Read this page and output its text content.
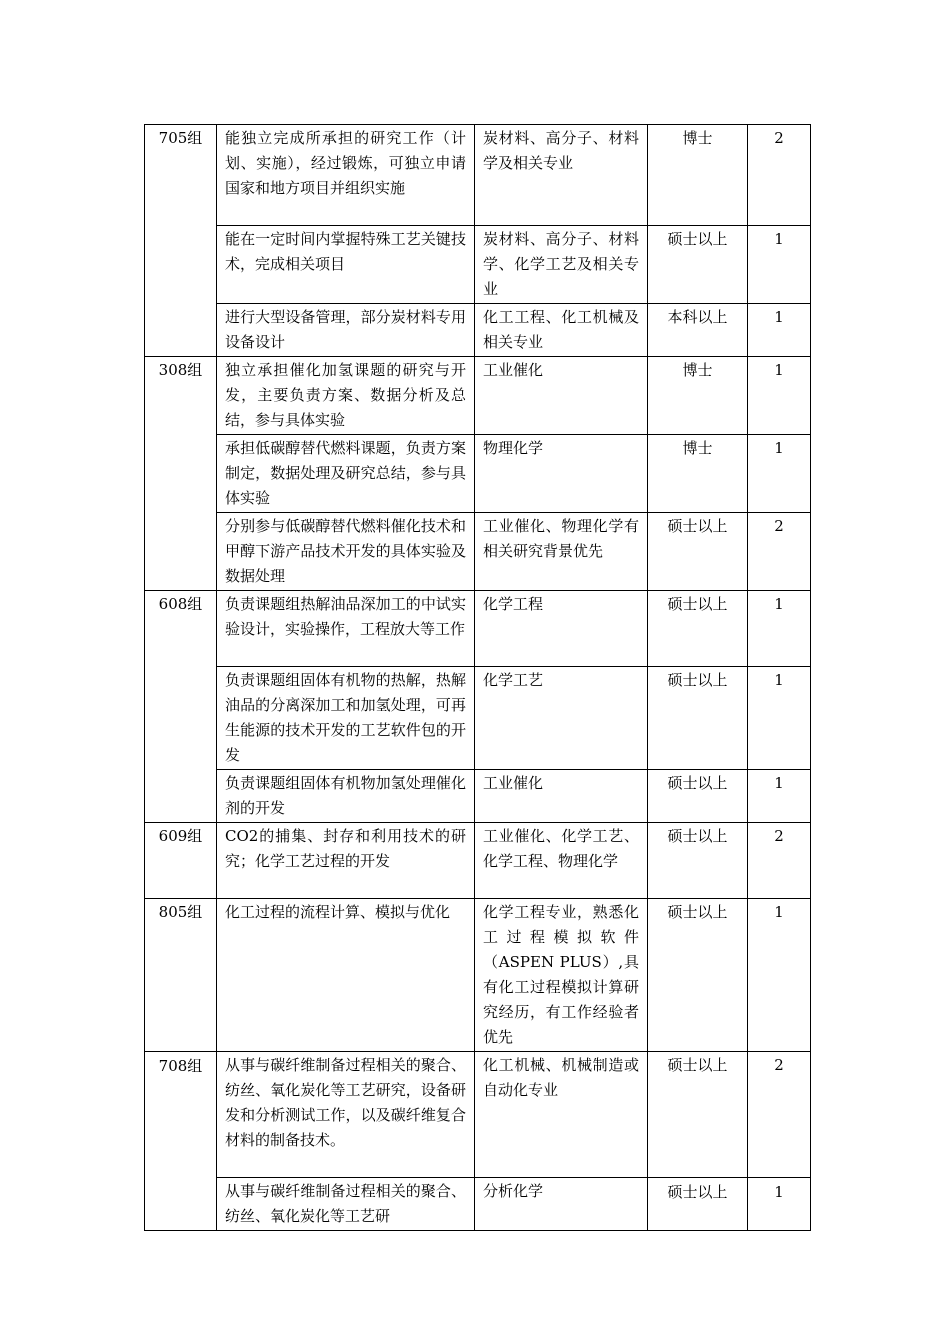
705组	能独立完成所承担的研究工作（计划、实施），经过锻炼，可独立申请国家和地方项目并组织实施	炭材料、高分子、材料学及相关专业	博士	2
	能在一定时间内掌握特殊工艺关键技术，完成相关项目	炭材料、高分子、材料学、化学工艺及相关专业	硕士以上	1
	进行大型设备管理，部分炭材料专用设备设计	化工工程、化工机械及相关专业	本科以上	1
308组	独立承担催化加氢课题的研究与开发，主要负责方案、数据分析及总结，参与具体实验	工业催化	博士	1
	承担低碳醇替代燃料课题，负责方案制定，数据处理及研究总结，参与具体实验	物理化学	博士	1
	分别参与低碳醇替代燃料催化技术和甲醇下游产品技术开发的具体实验及数据处理	工业催化、物理化学有相关研究背景优先	硕士以上	2
608组	负责课题组热解油品深加工的中试实验设计，实验操作，工程放大等工作	化学工程	硕士以上	1
	负责课题组固体有机物的热解，热解油品的分离深加工和加氢处理，可再生能源的技术开发的工艺软件包的开发	化学工艺	硕士以上	1
	负责课题组固体有机物加氢处理催化剂的开发	工业催化	硕士以上	1
609组	CO2的捕集、封存和利用技术的研究；化学工艺过程的开发	工业催化、化学工艺、化学工程、物理化学	硕士以上	2
805组	化工过程的流程计算、模拟与优化	化学工程专业，熟悉化工过程模拟软件（ASPEN PLUS）,具有化工过程模拟计算研究经历，有工作经验者优先	硕士以上	1
708组	从事与碳纤维制备过程相关的聚合、纺丝、氧化炭化等工艺研究，设备研发和分析测试工作，以及碳纤维复合材料的制备技术。	化工机械、机械制造或自动化专业	硕士以上	2
	从事与碳纤维制备过程相关的聚合、纺丝、氧化炭化等工艺研	分析化学	硕士以上	1
